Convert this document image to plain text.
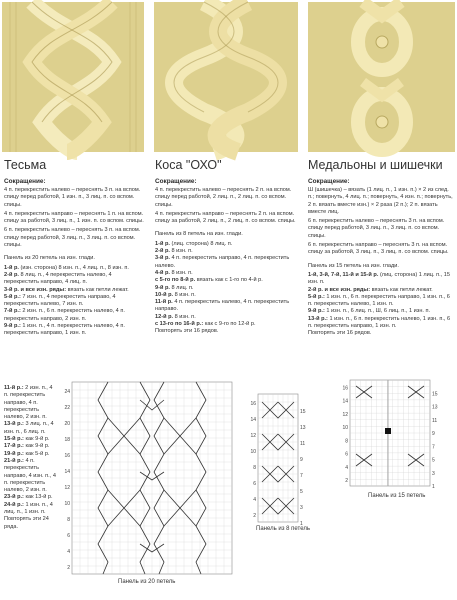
Тесьма
Сокращение:
4 п. перекрестить налево – переснять 3 п. на вспом. спицу перед работой, 1 изн. п., 3 лиц. п. со вспом. спицы.
4 п. перекрестить направо – переснять 1 п. на вспом. спицу за работой, 3 лиц. п., 1 изн. п. со вспом. спицы.
6 п. перекрестить налево – переснять 3 п. на вспом. спицу перед работой, 3 лиц. п., 3 лиц. п. со вспом. спицы.
Панель из 20 петель на изн. глади.
1-й р. (изн. сторона) 8 изн. п., 4 лиц. п., 8 изн. п.
2-й р. 8 лиц. п., 4 перекрестить налево, 4 перекрестить направо, 4 лиц. п.
3-й р. и все изн. ряды: вязать как петли лежат.
5-й р.: 7 изн. п., 4 перекрестить направо, 4 перекрестить налево, 7 изн. п.
7-й р.: 2 изн. п., 6 п. перекрестить налево, 4 п. перекрестить направо, 2 изн. п.
9-й р.: 1 изн. п., 4 п. перекрестить налево, 4 п. перекрестить направо, 1 изн. п.
11-й р.: 2 изн. п., 4 п. перекрестить направо, 4 п. перекрестить налево, 2 изн. п.
13-й р.: 3 лиц. п., 4 изн. п., 6 лиц. п.
15-й р.: как 9-й р.
17-й р.: как 9-й р.
19-й р.: как 5-й р.
21-й р.: 4 п. перекрестить направо, 4 изн. п., 4 п. перекрестить налево, 2 изн. п.
23-й р.: как 13-й р.
24-й р.: 1 изн. п., 4 лиц. п., 1 изн. п.
Повторять эти 24 ряда.
24
22
20
18
16
14
12
10
8
6
4
2
Панель из 20 петель
Коса "ОХО"
Сокращение:
4 п. перекрестить налево – переснять 2 п. на вспом. спицу перед работой, 2 лиц. п., 2 лиц. п. со вспом. спицы.
4 п. перекрестить направо – переснять 2 п. на вспом. спицу за работой, 2 лиц. п., 2 лиц. п. со вспом. спицы.
Панель из 8 петель на изн. глади.
1-й р. (лиц. сторона) 8 лиц. п.
2-й р. 8 изн. п.
3-й р. 4 п. перекрестить направо, 4 п. перекрестить налево.
4-й р. 8 изн. п.
с 5-го по 8-й р. вязать как с 1-го по 4-й р.
9-й р. 8 лиц. п.
10-й р. 8 изн. п.
11-й р. 4 п. перекрестить налево, 4 п. перекрестить направо.
12-й р. 8 изн. п.
с 13-го по 16-й р.: как с 9-го по 12-й р.
Повторять эти 16 рядов.
16
14
12
10
8
6
4
2
15
13
11
9
7
5
3
1
Панель из 8 петель
Медальоны и шишечки
Сокращение:
Ш (шишечка) – вязать (1 лиц. п., 1 изн. п.) × 2 из след. п.; повернуть, 4 лиц. п.; повернуть, 4 изн. п.; повернуть, 2 п. вязать вместе изн.) × 2 раза (2 п.); 2 п. вязать вместе лиц.
6 п. перекрестить налево – переснять 3 п. на вспом. спицу перед работой, 3 лиц. п., 3 лиц. п. со вспом. спицы.
6 п. перекрестить направо – переснять 3 п. на вспом. спицу за работой, 3 лиц. п., 3 лиц. п. со вспом. спицы.
Панель из 15 петель на изн. глади.
1-й, 3-й, 7-й, 11-й и 15-й р. (лиц. сторона) 1 лиц. п., 15 изн. п.
2-й р. и все изн. ряды: вязать как петли лежат.
5-й р.: 1 изн. п., 6 п. перекрестить направо, 1 изн. п., 6 п. перекрестить налево, 1 изн. п.
9-й р.: 1 изн. п., 6 лиц. п., Ш, 6 лиц. п., 1 изн. п.
13-й р.: 1 изн. п., 6 п. перекрестить налево, 1 изн. п., 6 п. перекрестить направо, 1 изн. п.
Повторять эти 16 рядов.
16
14
12
10
8
6
4
2
15
13
11
9
7
5
3
1
Панель из 15 петель
